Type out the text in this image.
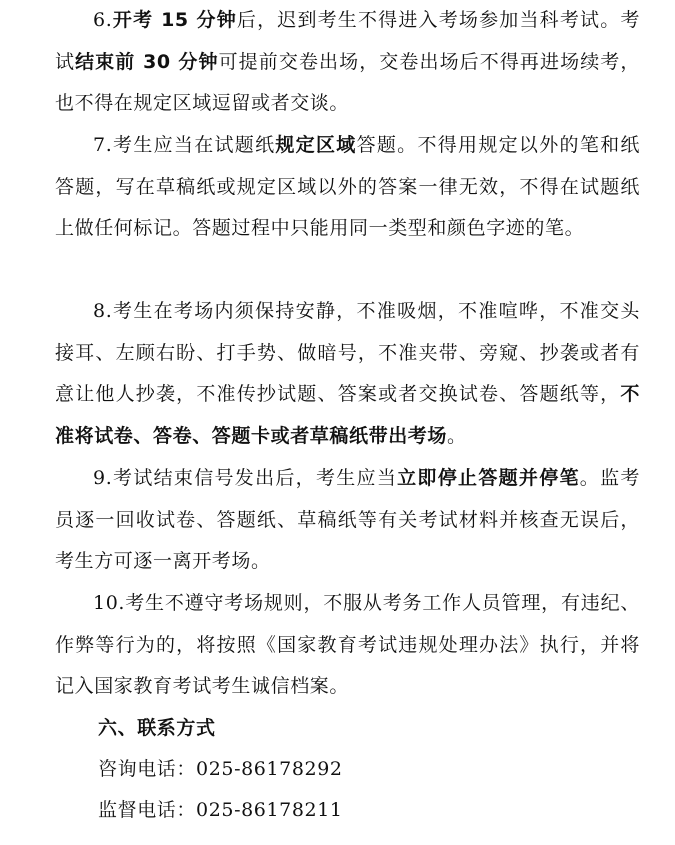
6.开考 15 分钟后，迟到考生不得进入考场参加当科考试。考试结束前 30 分钟可提前交卷出场，交卷出场后不得再进场续考，也不得在规定区域逗留或者交谈。

7.考生应当在试题纸规定区域答题。不得用规定以外的笔和纸答题，写在草稿纸或规定区域以外的答案一律无效，不得在试题纸上做任何标记。答题过程中只能用同一类型和颜色字迹的笔。

8.考生在考场内须保持安静，不准吸烟，不准喧哗，不准交头接耳、左顾右盼、打手势、做暗号，不准夹带、旁窥、抄袭或者有意让他人抄袭，不准传抄试题、答案或者交换试卷、答题纸等，不准将试卷、答卷、答题卡或者草稿纸带出考场。

9.考试结束信号发出后，考生应当立即停止答题并停笔。监考员逐一回收试卷、答题纸、草稿纸等有关考试材料并核查无误后，考生方可逐一离开考场。

10.考生不遵守考场规则，不服从考务工作人员管理，有违纪、作弊等行为的，将按照《国家教育考试违规处理办法》执行，并将记入国家教育考试考生诚信档案。

六、联系方式

咨询电话：025-86178292

监督电话：025-86178211
